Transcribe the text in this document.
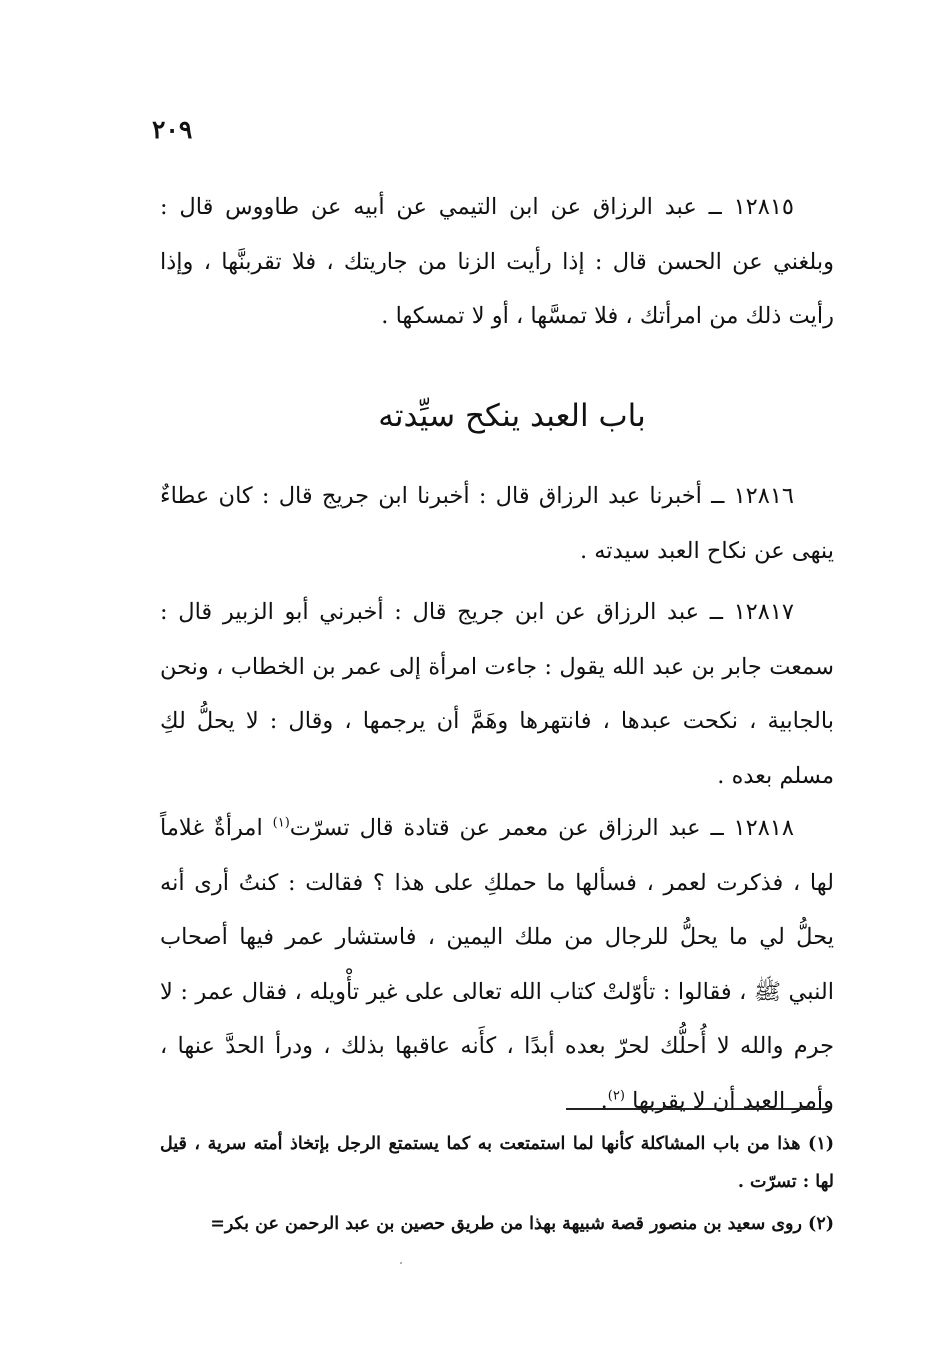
٢٠٩

١٢٨١٥ ــ عبد الرزاق عن ابن التيمي عن أبيه عن طاووس قال : وبلغني عن الحسن قال : إذا رأيت الزنا من جاريتك ، فلا تقربنَّها ، وإذا رأيت ذلك من امرأتك ، فلا تمسَّها ، أو لا تمسكها .

باب العبد ينكح سيِّدته

١٢٨١٦ ــ أخبرنا عبد الرزاق قال : أخبرنا ابن جريج قال : كان عطاءٌ ينهى عن نكاح العبد سيدته .

١٢٨١٧ ــ عبد الرزاق عن ابن جريج قال : أخبرني أبو الزبير قال : سمعت جابر بن عبد الله يقول : جاءت امرأة إلى عمر بن الخطاب ، ونحن بالجابية ، نكحت عبدها ، فانتهرها وهَمَّ أن يرجمها ، وقال : لا يحلُّ لكِ مسلم بعده .

١٢٨١٨ ــ عبد الرزاق عن معمر عن قتادة قال تسرّت$^{(١)}$ امرأةٌ غلاماً لها ، فذكرت لعمر ، فسألها ما حملكِ على هذا ؟ فقالت : كنتُ أرى أنه يحلُّ لي ما يحلُّ للرجال من ملك اليمين ، فاستشار عمر فيها أصحاب النبي ﷺ ، فقالوا : تأوّلتْ كتاب الله تعالى على غير تأْويله ، فقال عمر : لا جرم والله لا أُحلُّك لحرّ بعده أبدًا ، كأَنه عاقبها بذلك ، ودرأ الحدَّ عنها ، وأمر العبد أن لا يقربها $^{(٢)}$.

(١) هذا من باب المشاكلة كأنها لما استمتعت به كما يستمتع الرجل بإتخاذ أمته سرية ، قيل لها : تسرّت .

(٢) روى سعيد بن منصور قصة شبيهة بهذا من طريق حصين بن عبد الرحمن عن بكر=
